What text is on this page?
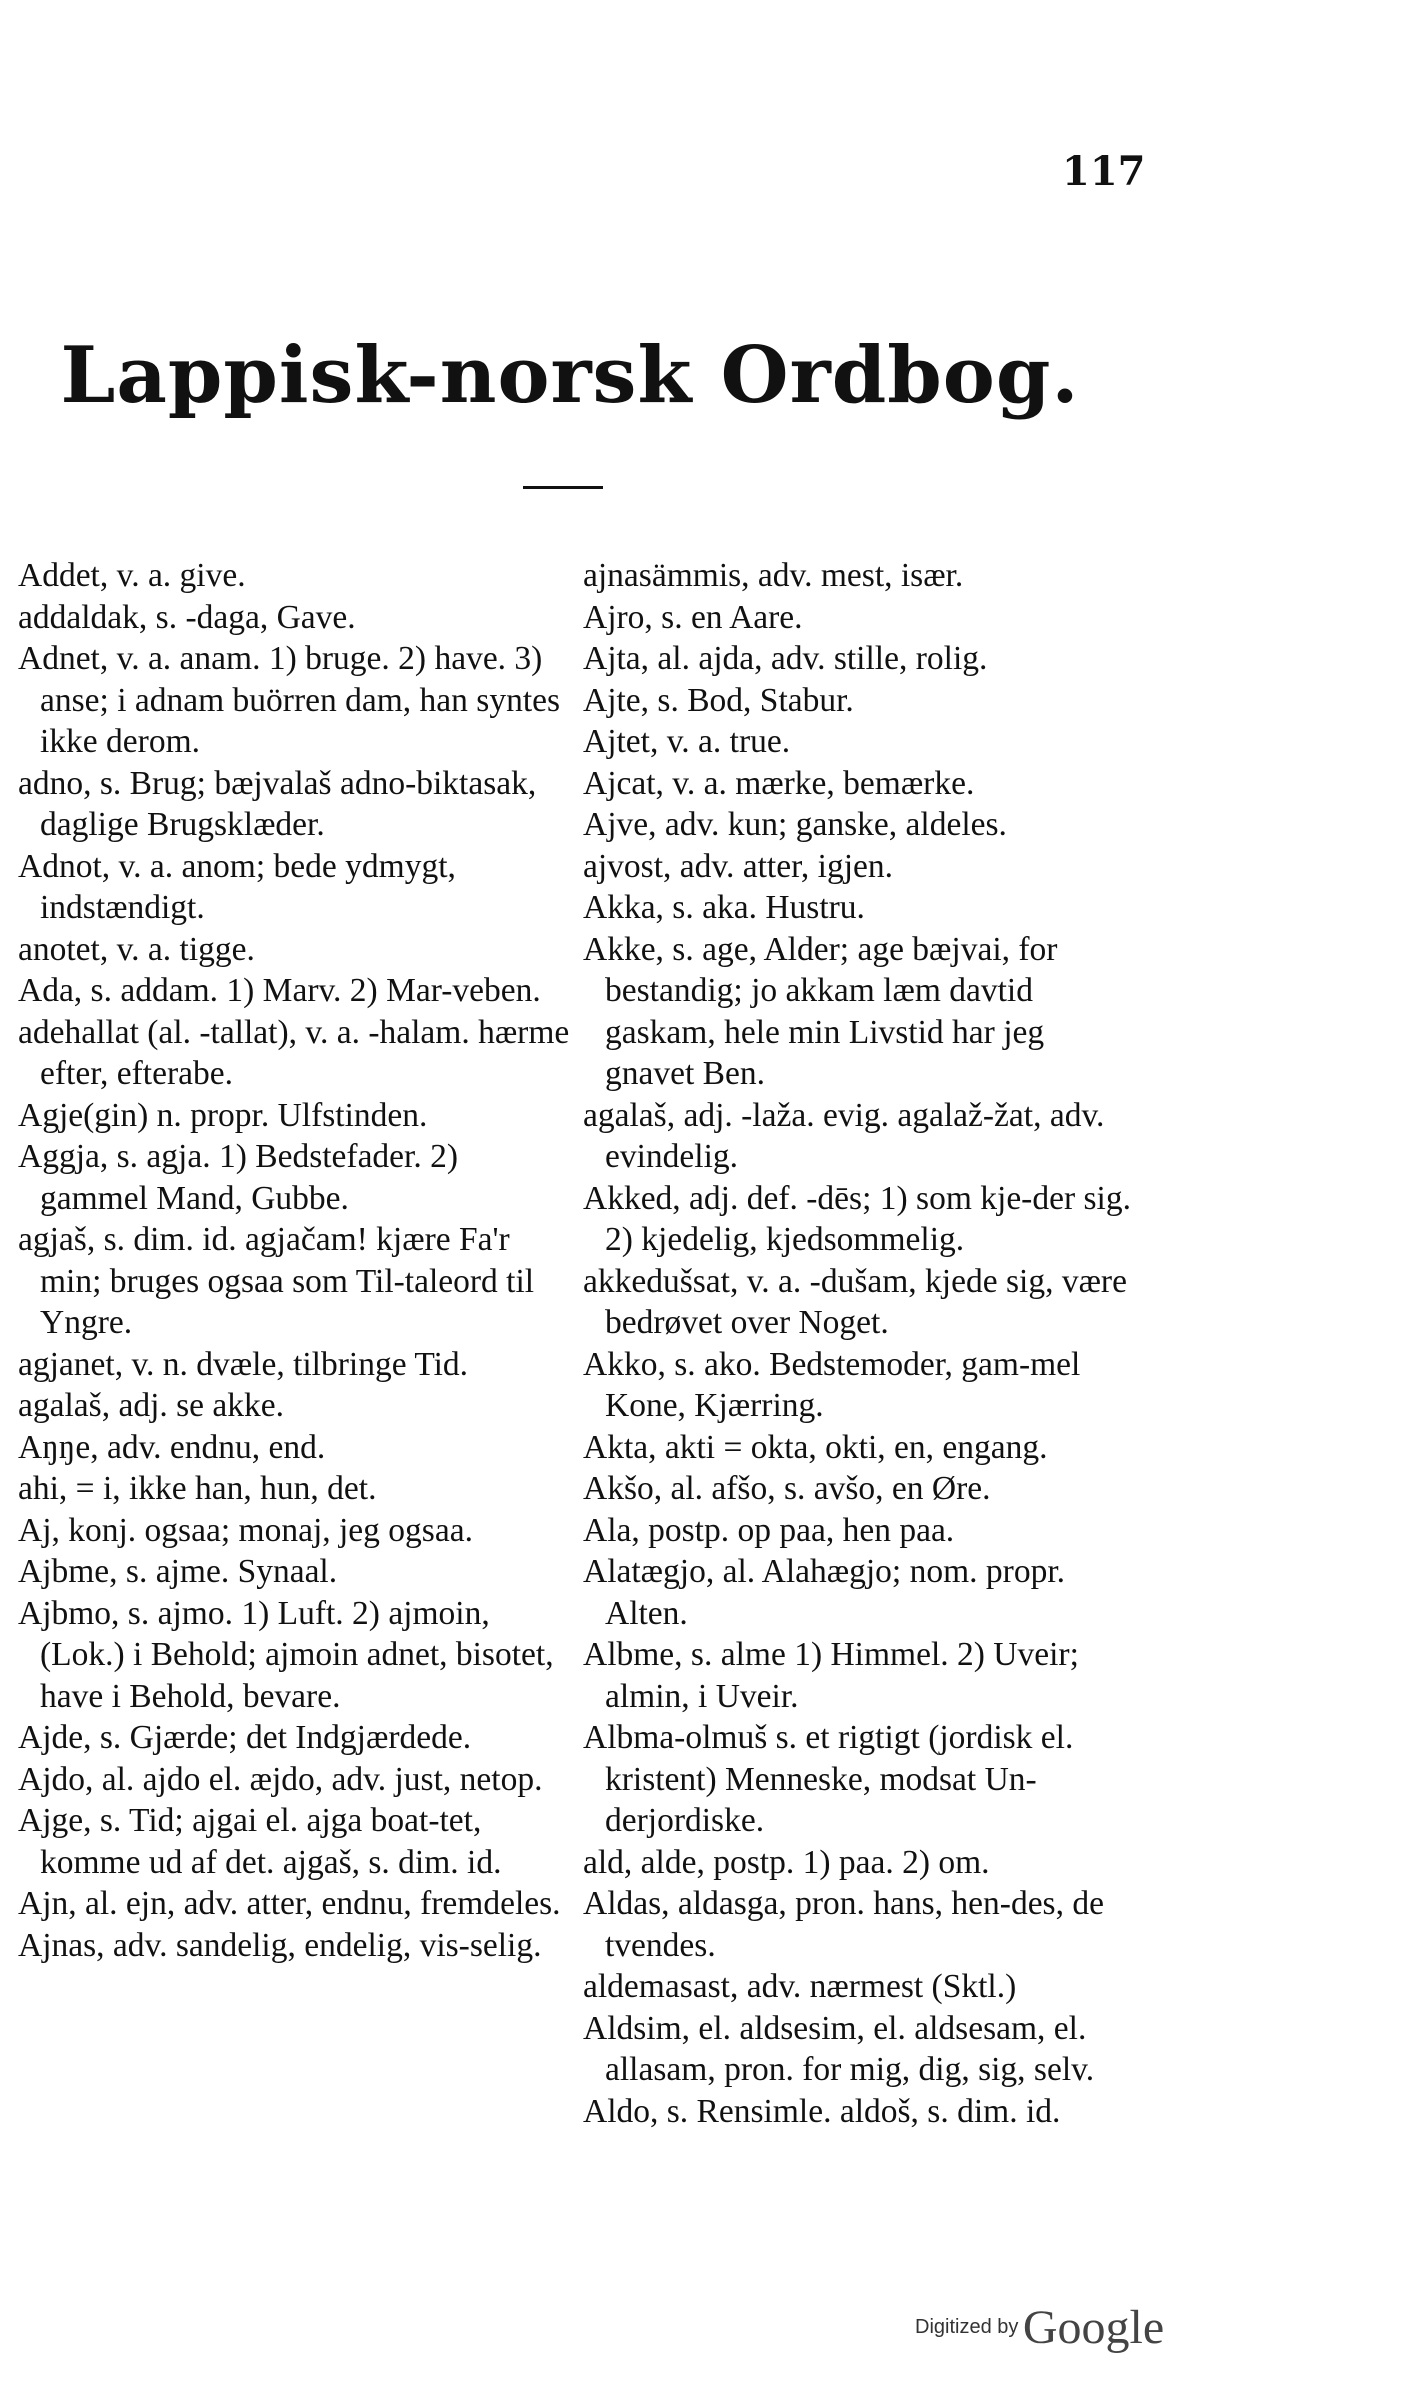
117
Lappisk-norsk Ordbog.

Addet, v. a. give.

addaldak, s. -daga, Gave.

Adnet, v. a. anam. 1) bruge. 2) have. 3) anse; i adnam buörren dam, han syntes ikke derom.

adno, s. Brug; bæjvalaš adno-biktasak, daglige Brugsklæder.

Adnot, v. a. anom; bede ydmygt, indstændigt.

anotet, v. a. tigge.

Ada, s. addam. 1) Marv. 2) Mar-veben.

adehallat (al. -tallat), v. a. -halam. hærme efter, efterabe.

Agje(gin) n. propr. Ulfstinden.

Aggja, s. agja. 1) Bedstefader. 2) gammel Mand, Gubbe.

agjaš, s. dim. id. agjačam! kjære Fa'r min; bruges ogsaa som Til-taleord til Yngre.

agjanet, v. n. dvæle, tilbringe Tid.

agalaš, adj. se akke.

Aŋŋe, adv. endnu, end.

ahi, = i, ikke han, hun, det.

Aj, konj. ogsaa; monaj, jeg ogsaa.

Ajbme, s. ajme. Synaal.

Ajbmo, s. ajmo. 1) Luft. 2) ajmoin, (Lok.) i Behold; ajmoin adnet, bisotet, have i Behold, bevare.

Ajde, s. Gjærde; det Indgjærdede.

Ajdo, al. ajdo el. æjdo, adv. just, netop.

Ajge, s. Tid; ajgai el. ajga boat-tet, komme ud af det. ajgaš, s. dim. id.

Ajn, al. ejn, adv. atter, endnu, fremdeles.

Ajnas, adv. sandelig, endelig, vis-selig.

ajnasämmis, adv. mest, især.

Ajro, s. en Aare.

Ajta, al. ajda, adv. stille, rolig.

Ajte, s. Bod, Stabur.

Ajtet, v. a. true.

Ajcat, v. a. mærke, bemærke.

Ajve, adv. kun; ganske, aldeles.

ajvost, adv. atter, igjen.

Akka, s. aka. Hustru.

Akke, s. age, Alder; age bæjvai, for bestandig; jo akkam læm davtid gaskam, hele min Livstid har jeg gnavet Ben.

agalaš, adj. -laža. evig. agalaž-žat, adv. evindelig.

Akked, adj. def. -dēs; 1) som kje-der sig. 2) kjedelig, kjedsommelig.

akkedušsat, v. a. -dušam, kjede sig, være bedrøvet over Noget.

Akko, s. ako. Bedstemoder, gam-mel Kone, Kjærring.

Akta, akti = okta, okti, en, engang.

Akšo, al. afšo, s. avšo, en Øre.

Ala, postp. op paa, hen paa.

Alatægjo, al. Alahægjo; nom. propr. Alten.

Albme, s. alme 1) Himmel. 2) Uveir; almin, i Uveir.

Albma-olmuš s. et rigtigt (jordisk el. kristent) Menneske, modsat Un-derjordiske.

ald, alde, postp. 1) paa. 2) om.

Aldas, aldasga, pron. hans, hen-des, de tvendes.

aldemasast, adv. nærmest (Sktl.)

Aldsim, el. aldsesim, el. aldsesam, el. allasam, pron. for mig, dig, sig, selv.

Aldo, s. Rensimle. aldoš, s. dim. id.

Digitized by Google
